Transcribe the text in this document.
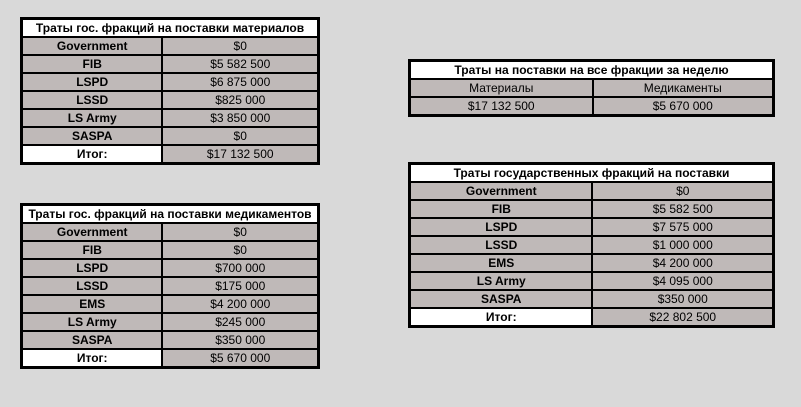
Траты гос. фракций на поставки материалов	
Government	$0
FIB	$5 582 500
LSPD	$6 875 000
LSSD	$825 000
LS Army	$3 850 000
SASPA	$0
Итог:	$17 132 500
Траты гос. фракций на поставки медикаментов	
Government	$0
FIB	$0
LSPD	$700 000
LSSD	$175 000
EMS	$4 200 000
LS Army	$245 000
SASPA	$350 000
Итог:	$5 670 000
Траты на поставки на все фракции за неделю	
Материалы	Медикаменты
$17 132 500	$5 670 000
Траты государственных фракций на поставки	
Government	$0
FIB	$5 582 500
LSPD	$7 575 000
LSSD	$1 000 000
EMS	$4 200 000
LS Army	$4 095 000
SASPA	$350 000
Итог:	$22 802 500
